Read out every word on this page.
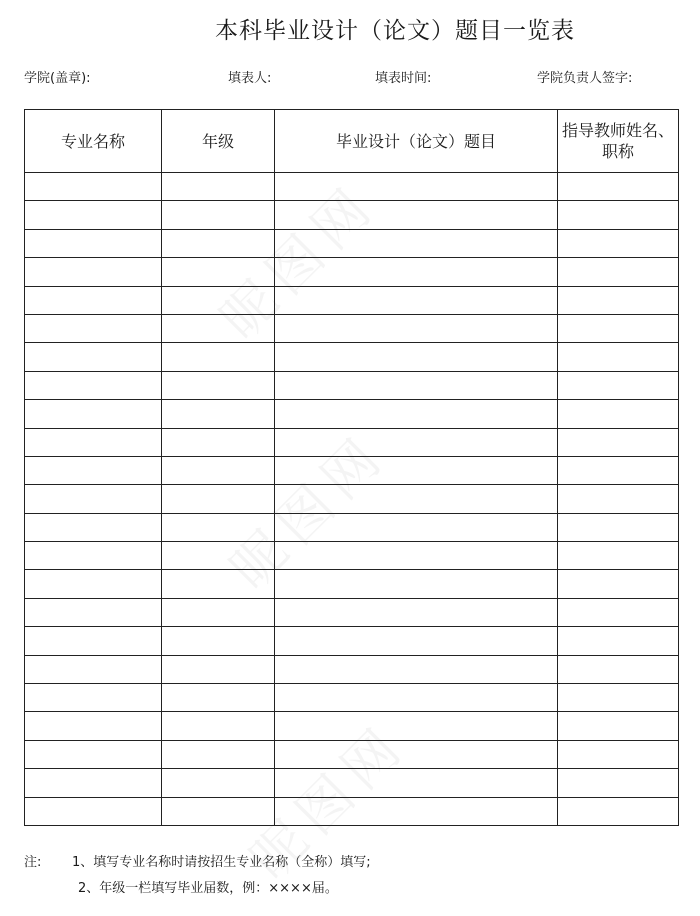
本科毕业设计（论文）题目一览表
学院(盖章):	填表人:	填表时间:	学院负责人签字:
专业名称	年级	毕业设计（论文）题目	指导教师姓名、职称

注: 1、填写专业名称时请按招生专业名称（全称）填写;
2、年级一栏填写毕业届数，例：××××届。
